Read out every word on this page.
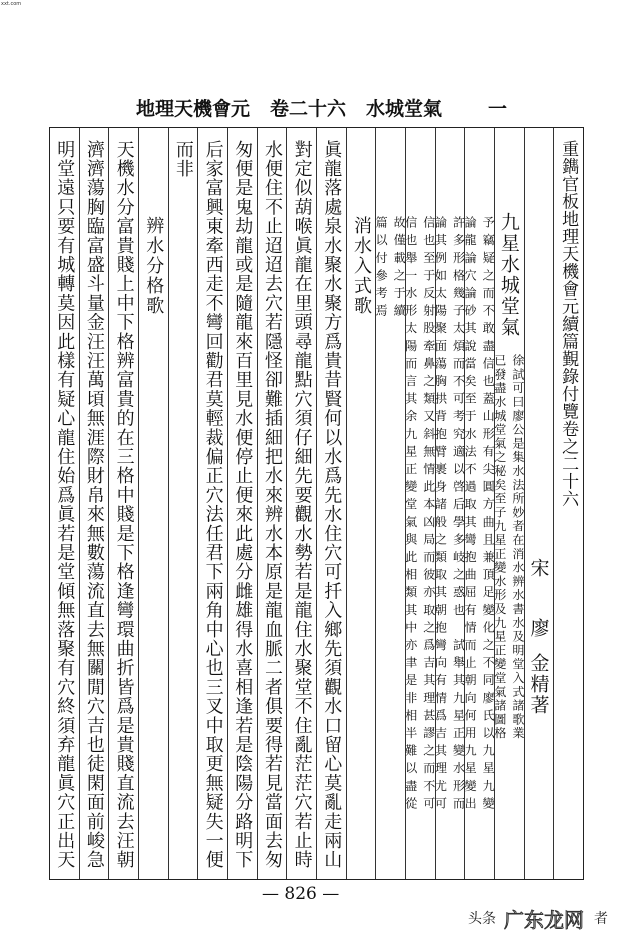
xxt.com
地理天機會元 卷二十六 水城堂氣 一
重鐫官板地理天機會元續篇覲錄付覽卷之二十六
宋
廖
金精著
九星水城堂氣
徐試可曰廖公是集水法所妙者在消水辨水書水及明堂入式諸歌業
已發盡水城堂氣之秘矣至子九星正變水形及九星正變堂氣諸圖格
予竊疑之而不敢盡信也蓋山形有尖圓方曲且兼頂足變化之不同廖氏以九星九變
論龍論穴論砂其說當矣至于水法不過取其彎抱曲屈有情而止朝向何用九星變出
許多形格幾子太煩而不可考究適以啓后學多岐之惑也　試舉其九星正變水形而
論其例如太陽聚面蕩胸拱背抱臂裹身諸般之類取其朝抱彎向有情爲吉其理尤可
信也至于反射股牽鼻之類又斜無情此本凶局而彼亦取之爲吉其理甚謬之而不可
信也舉一水形太陽而言其余九星正變堂氣與此相類其中亦聿是非相半難以盡從
故僅載之于續
篇以付參考焉
消水入式歌
眞龍落處泉水聚水聚方爲貴昔賢何以水爲先水住穴可扦入鄉先須觀水口留心莫亂走兩山
對定似葫喉眞龍在里頭尋龍點穴須仔細先要觀水勢若是龍住水聚堂不住亂茫茫穴若止時
水便住不止迢迢去穴若隱怪卻難插細把水來辨水本原是龍血脈二者俱要得若見當面去匆
匆便是鬼劫龍或是隨龍來百里見水便停止便來此處分雌雄得水喜相逢若是陰陽分路明下
后家富興東牽西走不彎回勸君莫輕裁偏正穴法任君下兩角中心也三叉中取更無疑失一便
而非
辨水分格歌
天機水分富貴賤上中下格辨富貴的在三格中賤是下格逢彎環曲折皆爲是貴賤直流去汪朝
濟濟蕩胸臨富盛斗量金汪汪萬頃無涯際財帛來無數蕩流直去無關閒穴吉也徒閑面前峻急
明堂遠只要有城轉莫因此樣有疑心龍住始爲眞若是堂傾無落聚有穴終須弃龍眞穴正出天
— 826 —
头条 广东龙网 者
